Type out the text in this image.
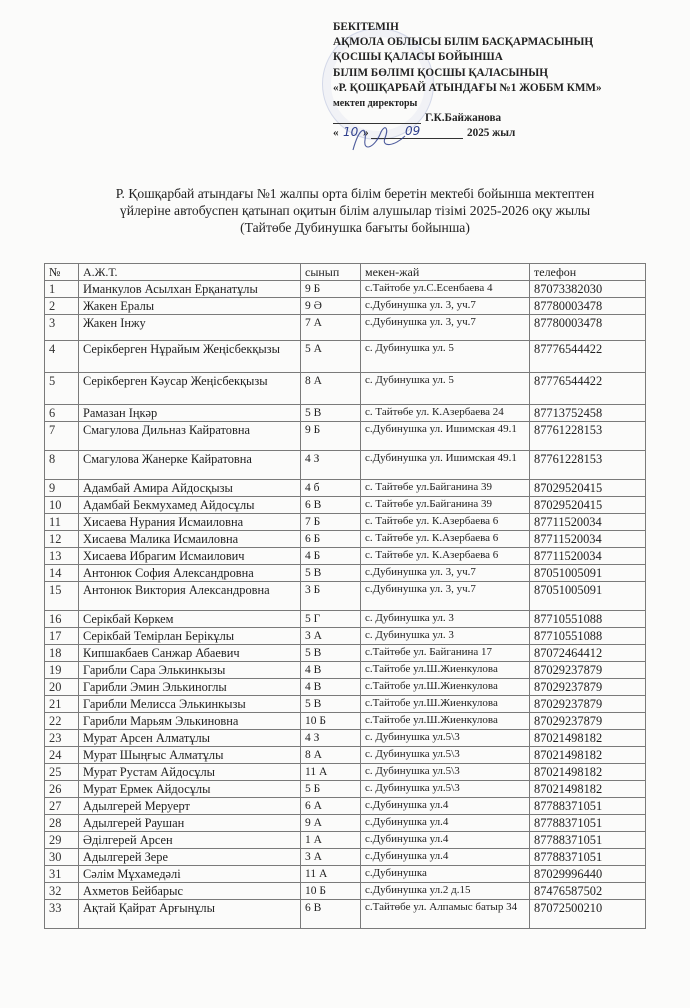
БЕКІТЕМІН
АҚМОЛА ОБЛЫСЫ БІЛІМ БАСҚАРМАСЫНЫҢ
ҚОСШЫ ҚАЛАСЫ БОЙЫНША
БІЛІМ БӨЛІМІ ҚОСШЫ ҚАЛАСЫНЫҢ
«Р. ҚОШҚАРБАЙ АТЫНДАҒЫ №1 ЖОББМ КММ»
мектеп директоры
Г.К.Байжанова
« 10 »	09	2025 жыл
Р. Қошқарбай атындағы №1 жалпы орта білім беретін мектебі бойынша мектептен
үйлеріне автобуспен қатынап оқитын білім алушылар тізімі 2025-2026 оқу жылы
(Тайтөбе Дубинушка бағыты бойынша)
№	А.Ж.Т.	сынып	мекен-жай	телефон
1	Иманкулов Асылхан Ерқанатұлы	9 Б	с.Тайтобе ул.С.Есенбаева 4	87073382030
2	Жакен Ералы	9 Ә	с.Дубинушка ул. 3, уч.7	87780003478
3	Жакен Інжу	7 А	с.Дубинушка ул. 3, уч.7	87780003478
4	Серікберген Нұрайым Жеңісбекқызы	5 А	с. Дубинушка ул. 5	87776544422
5	Серікберген Кәусар Жеңісбекқызы	8 А	с. Дубинушка ул. 5	87776544422
6	Рамазан Іңкәр	5 В	с. Тайтөбе ул. К.Азербаева 24	87713752458
7	Смагулова Дильназ Кайратовна	9 Б	с.Дубинушка ул. Ишимская 49.1	87761228153
8	Смагулова Жанерке Кайратовна	4 З	с.Дубинушка ул. Ишимская 49.1	87761228153
9	Адамбай Амира Айдосқызы	4 б	с. Тайтөбе ул.Байганина 39	87029520415
10	Адамбай Бекмухамед Айдосұлы	6 В	с. Тайтөбе ул.Байганина 39	87029520415
11	Хисаева Нурания Исмаиловна	7 Б	с. Тайтөбе ул. К.Азербаева 6	87711520034
12	Хисаева Малика Исмаиловна	6 Б	с. Тайтөбе ул. К.Азербаева 6	87711520034
13	Хисаева Ибрагим Исмаилович	4 Б	с. Тайтөбе ул. К.Азербаева 6	87711520034
14	Антонюк София Александровна	5 В	с.Дубинушка ул. 3, уч.7	87051005091
15	Антонюк Виктория Александровна	3 Б	с.Дубинушка ул. 3, уч.7	87051005091
16	Серікбай Көркем	5 Г	с. Дубинушка ул. 3	87710551088
17	Серікбай Темірлан Берікұлы	3 А	с. Дубинушка ул. 3	87710551088
18	Кипшакбаев Санжар Абаевич	5 В	с.Тайтөбе ул. Байганина 17	87072464412
19	Гарибли Сара Элькинкызы	4 В	с.Тайтобе ул.Ш.Жиенкулова	87029237879
20	Гарибли Эмин Элькиноглы	4 В	с.Тайтобе ул.Ш.Жиенкулова	87029237879
21	Гарибли Мелисса Элькинкызы	5 В	с.Тайтобе ул.Ш.Жиенкулова	87029237879
22	Гарибли Марьям Элькиновна	10 Б	с.Тайтобе ул.Ш.Жиенкулова	87029237879
23	Мурат Арсен Алматұлы	4 З	с. Дубинушка ул.5\3	87021498182
24	Мурат Шыңғыс Алматұлы	8 А	с. Дубинушка ул.5\3	87021498182
25	Мурат Рустам Айдосұлы	11 А	с. Дубинушка ул.5\3	87021498182
26	Мурат Ермек Айдосұлы	5 Б	с. Дубинушка ул.5\3	87021498182
27	Адылгерей Меруерт	6 А	с.Дубинушка ул.4	87788371051
28	Адылгерей Раушан	9 А	с.Дубинушка ул.4	87788371051
29	Әділгерей Арсен	1 А	с.Дубинушка ул.4	87788371051
30	Адылгерей Зере	3 А	с.Дубинушка ул.4	87788371051
31	Сәлім Мұхамедәлі	11 А	с.Дубинушка	87029996440
32	Ахметов Бейбарыс	10 Б	с.Дубинушка ул.2 д.15	87476587502
33	Ақтай Қайрат Арғынұлы	6 В	с.Тайтөбе ул. Алпамыс батыр 34	87072500210
